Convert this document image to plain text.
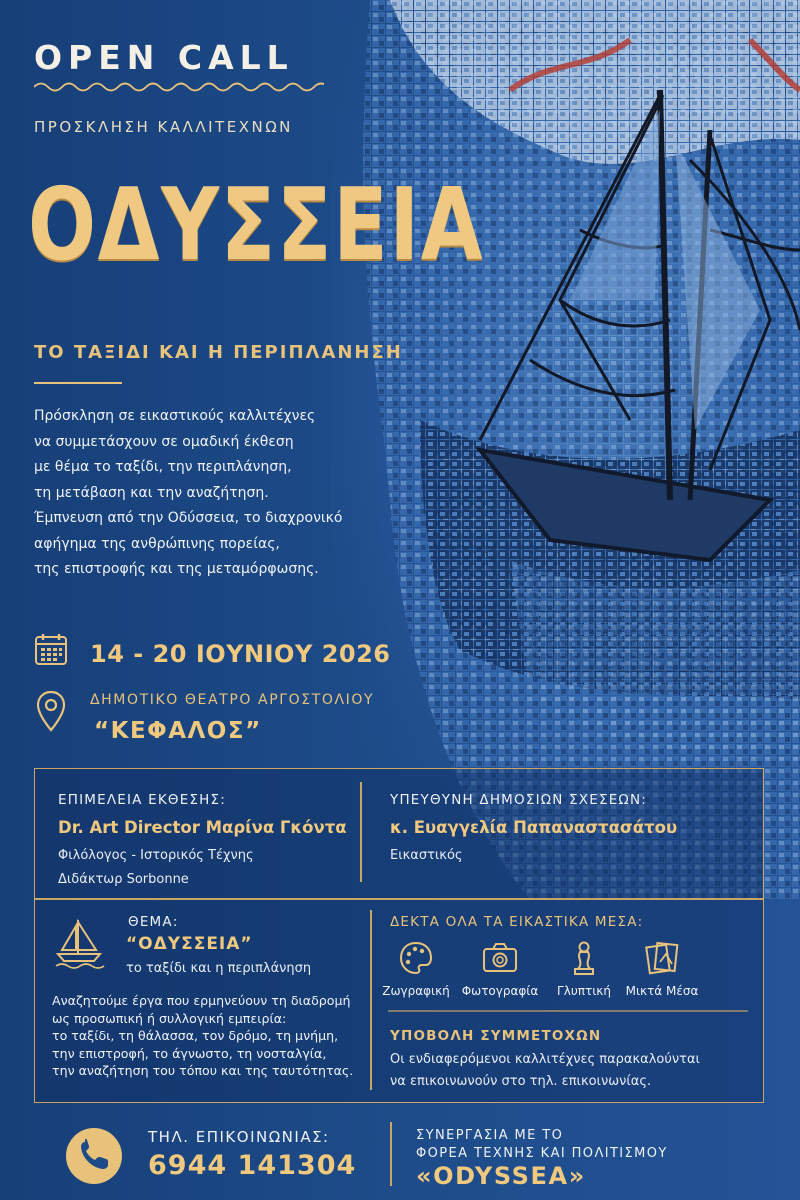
OPEN CALL
ΠΡΟΣΚΛΗΣΗ ΚΑΛΛΙΤΕΧΝΩΝ
ΟΔΥΣΣΕΙΑ
ΤΟ ΤΑΞΙΔΙ ΚΑΙ Η ΠΕΡΙΠΛΑΝΗΣΗ
Πρόσκληση σε εικαστικούς καλλιτέχνες
να συμμετάσχουν σε ομαδική έκθεση
με θέμα το ταξίδι, την περιπλάνηση,
τη μετάβαση και την αναζήτηση.
Έμπνευση από την Οδύσσεια, το διαχρονικό
αφήγημα της ανθρώπινης πορείας,
της επιστροφής και της μεταμόρφωσης.
14 - 20 ΙΟΥΝΙΟΥ 2026
ΔΗΜΟΤΙΚΟ ΘΕΑΤΡΟ ΑΡΓΟΣΤΟΛΙΟΥ
“ΚΕΦΑΛΟΣ”
ΕΠΙΜΕΛΕΙΑ ΕΚΘΕΣΗΣ:
Dr. Art Director Μαρίνα Γκόντα
Φιλόλογος - Ιστορικός Τέχνης
Διδάκτωρ Sorbonne
ΥΠΕΥΘΥΝΗ ΔΗΜΟΣΙΩΝ ΣΧΕΣΕΩΝ:
κ. Ευαγγελία Παπαναστασάτου
Εικαστικός
ΘΕΜΑ:
“ΟΔΥΣΣΕΙΑ”
το ταξίδι και η περιπλάνηση
Αναζητούμε έργα που ερμηνεύουν τη διαδρομή
ως προσωπική ή συλλογική εμπειρία:
το ταξίδι, τη θάλασσα, τον δρόμο, τη μνήμη,
την επιστροφή, το άγνωστο, τη νοσταλγία,
την αναζήτηση του τόπου και της ταυτότητας.
ΔΕΚΤΑ ΟΛΑ ΤΑ ΕΙΚΑΣΤΙΚΑ ΜΕΣΑ:
Ζωγραφική Φωτογραφία	Γλυπτική	Μικτά Μέσα
ΥΠΟΒΟΛΗ ΣΥΜΜΕΤΟΧΩΝ
Οι ενδιαφερόμενοι καλλιτέχνες παρακαλούνται
να επικοινωνούν στο τηλ. επικοινωνίας.
ΤΗΛ. ΕΠΙΚΟΙΝΩΝΙΑΣ:
6944 141304
ΣΥΝΕΡΓΑΣΙΑ ΜΕ ΤΟ
ΦΟΡΕΑ ΤΕΧΝΗΣ ΚΑΙ ΠΟΛΙΤΙΣΜΟΥ
«ODYSSEA»
